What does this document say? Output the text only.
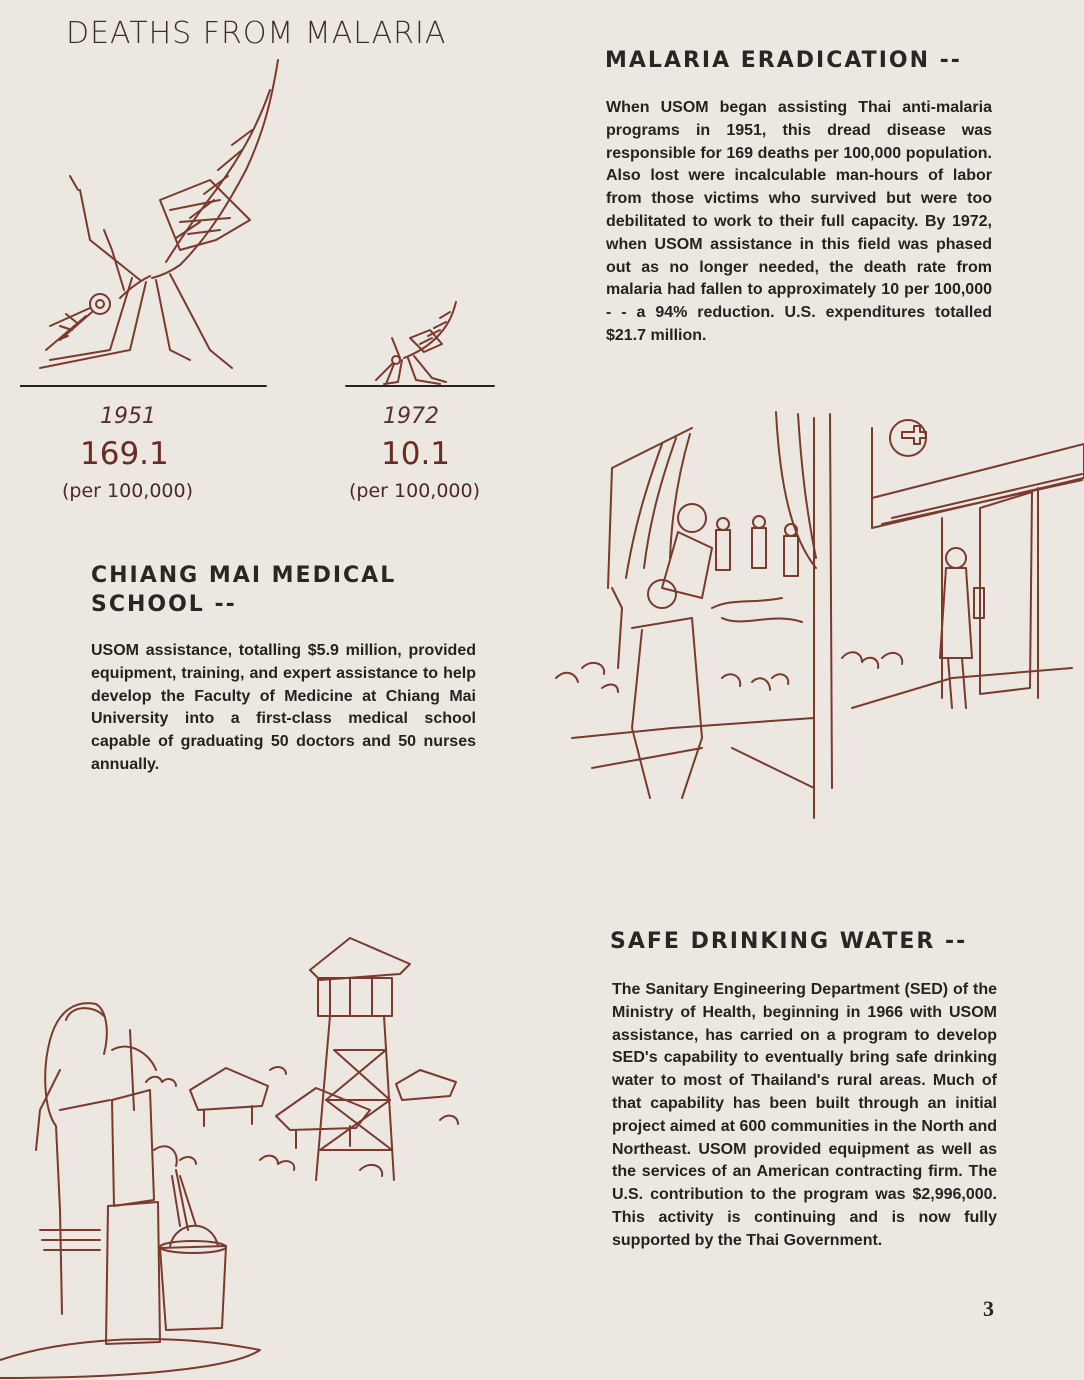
DEATHS FROM MALARIA
1951
169.1
(per 100,000)
1972
10.1
(per 100,000)
MALARIA ERADICATION --
When USOM began assisting Thai anti-malaria programs in 1951, this dread disease was responsible for 169 deaths per 100,000 population. Also lost were incalculable man-hours of labor from those victims who survived but were too debilitated to work to their full capacity. By 1972, when USOM assistance in this field was phased out as no longer needed, the death rate from malaria had fallen to approximately 10 per 100,000 - - a 94% reduction. U.S. expenditures totalled $21.7 million.
CHIANG MAI MEDICAL
SCHOOL --
USOM assistance, totalling $5.9 million, provided equipment, training, and expert assistance to help develop the Faculty of Medicine at Chiang Mai University into a first-class medical school capable of graduating 50 doctors and 50 nurses annually.
SAFE DRINKING WATER --
The Sanitary Engineering Department (SED) of the Ministry of Health, beginning in 1966 with USOM assistance, has carried on a program to develop SED's capability to eventually bring safe drinking water to most of Thailand's rural areas. Much of that capability has been built through an initial project aimed at 600 communities in the North and Northeast. USOM provided equipment as well as the services of an American contracting firm. The U.S. contribution to the program was $2,996,000. This activity is continuing and is now fully supported by the Thai Government.
3
